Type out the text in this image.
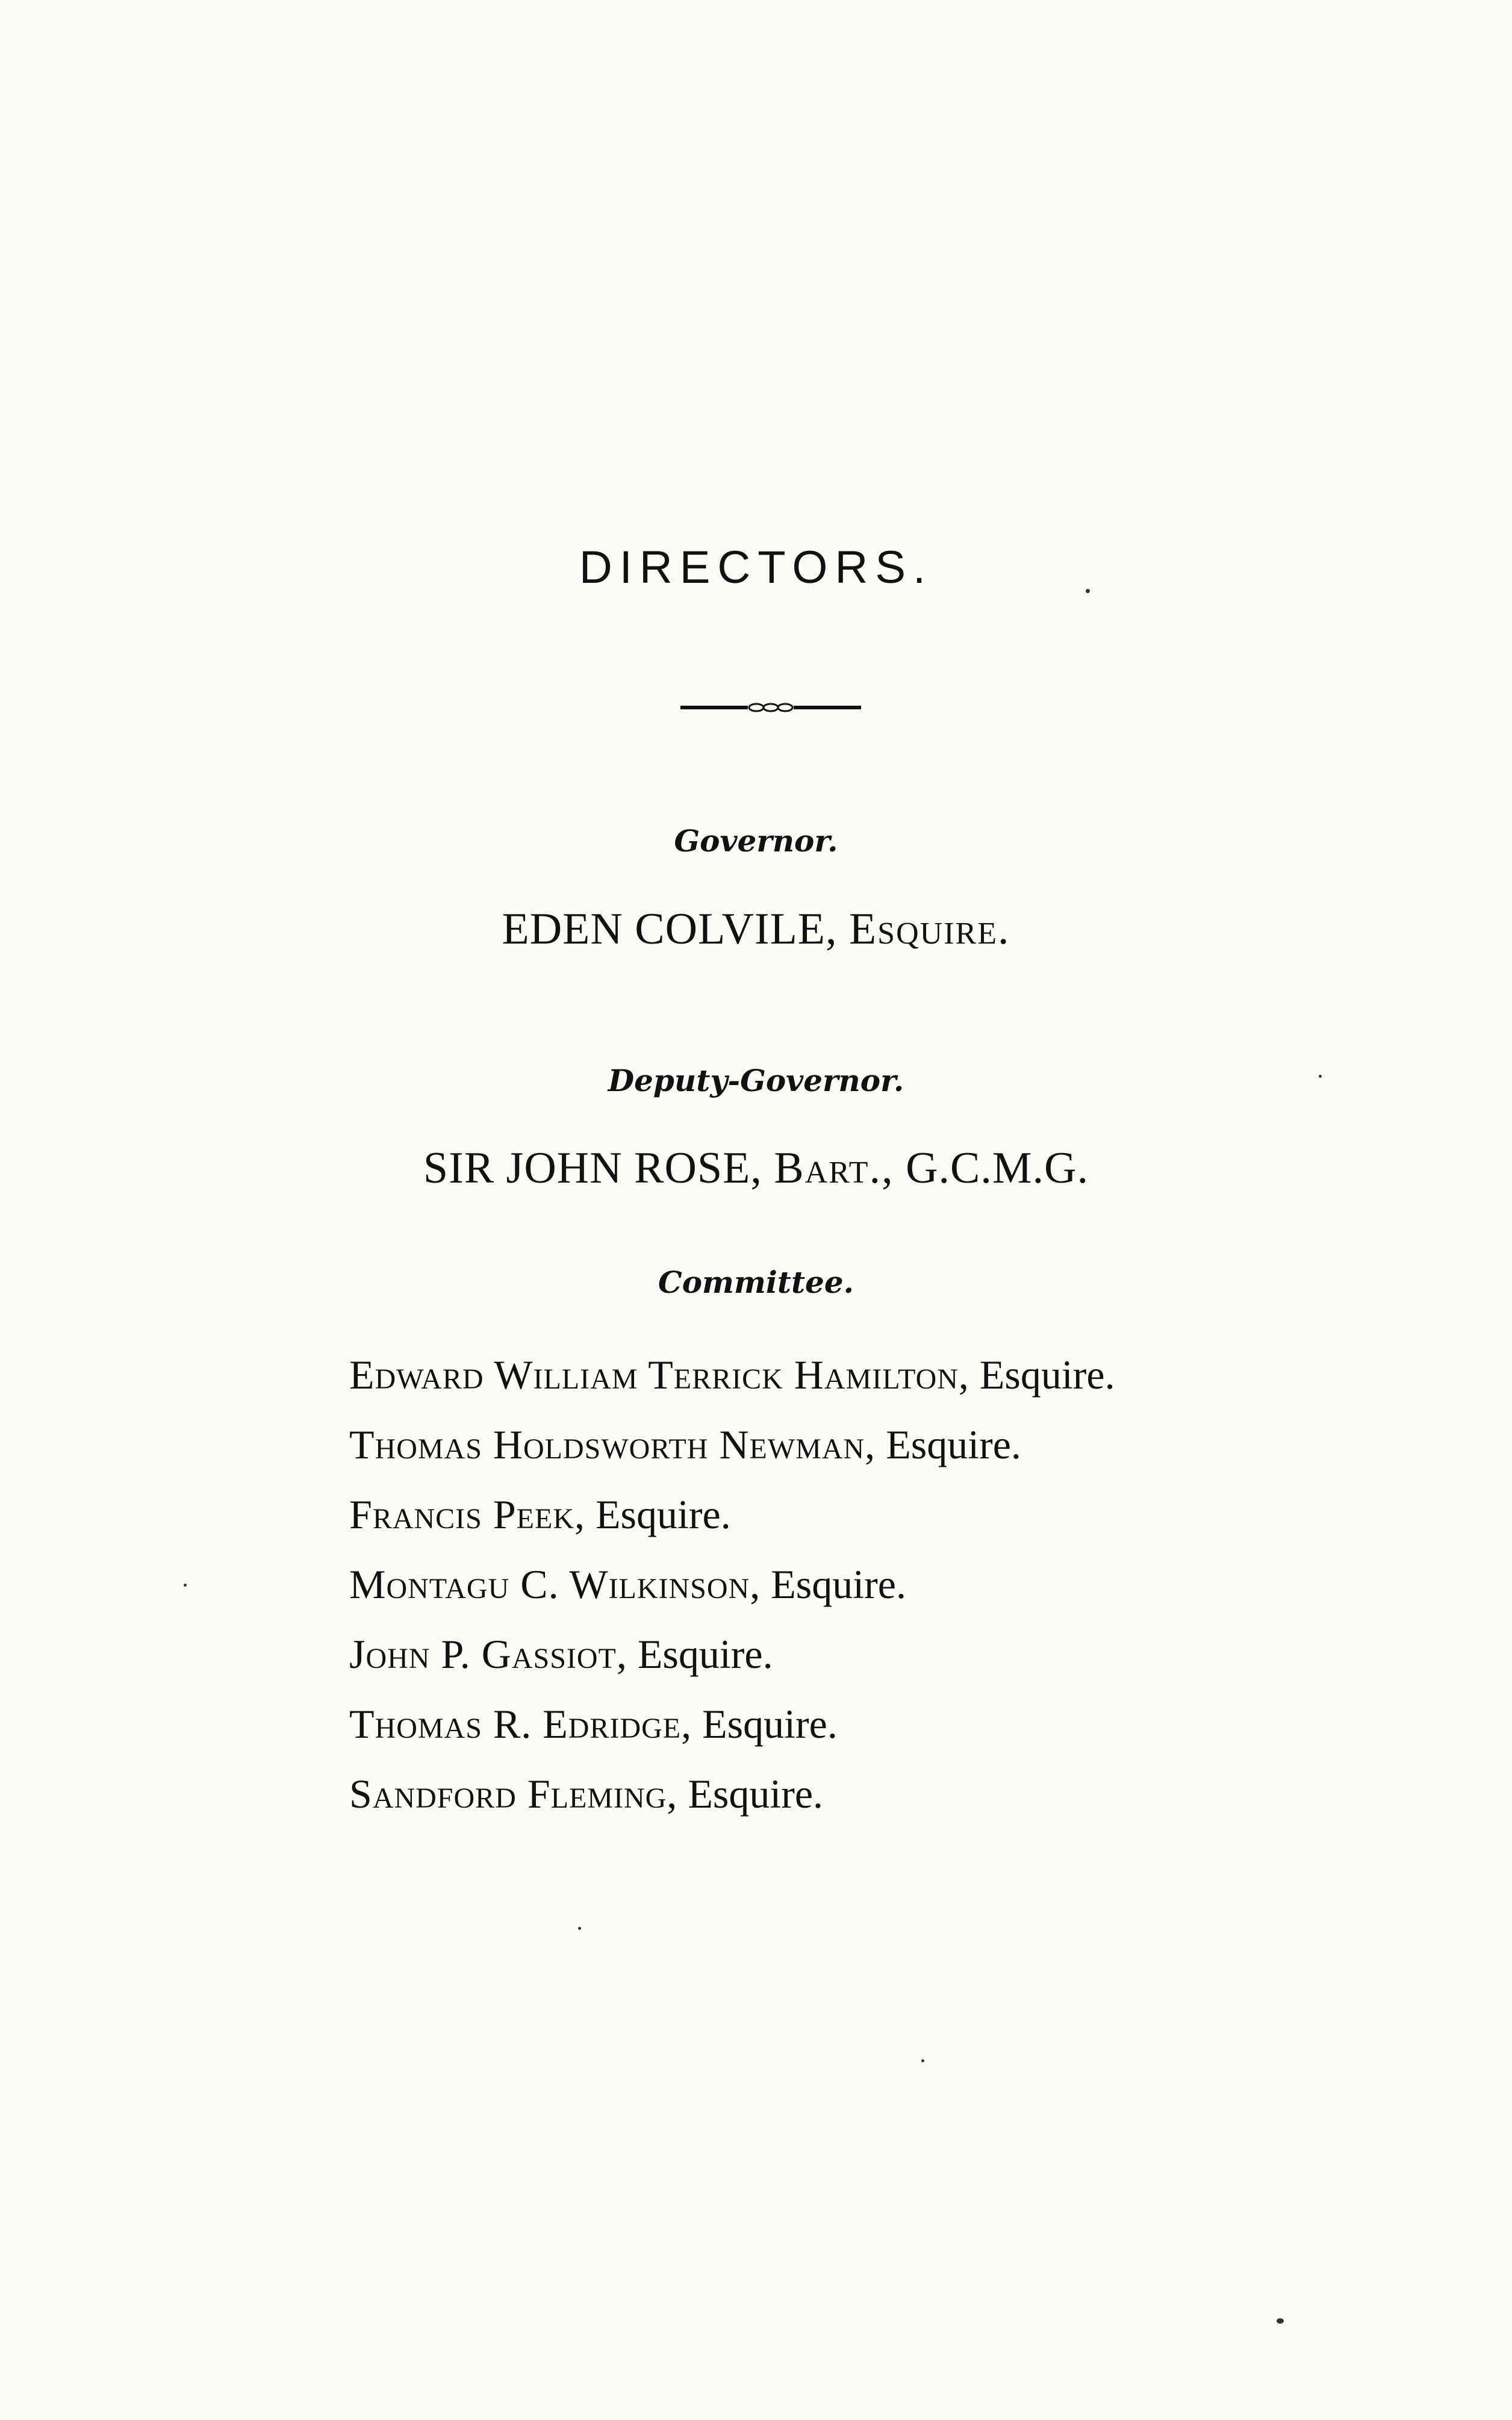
DIRECTORS.
Governor.
EDEN COLVILE, Esquire.
Deputy-Governor.
SIR JOHN ROSE, Bart., G.C.M.G.
Committee.
Edward William Terrick Hamilton, Esquire.
Thomas Holdsworth Newman, Esquire.
Francis Peek, Esquire.
Montagu C. Wilkinson, Esquire.
John P. Gassiot, Esquire.
Thomas R. Edridge, Esquire.
Sandford Fleming, Esquire.
